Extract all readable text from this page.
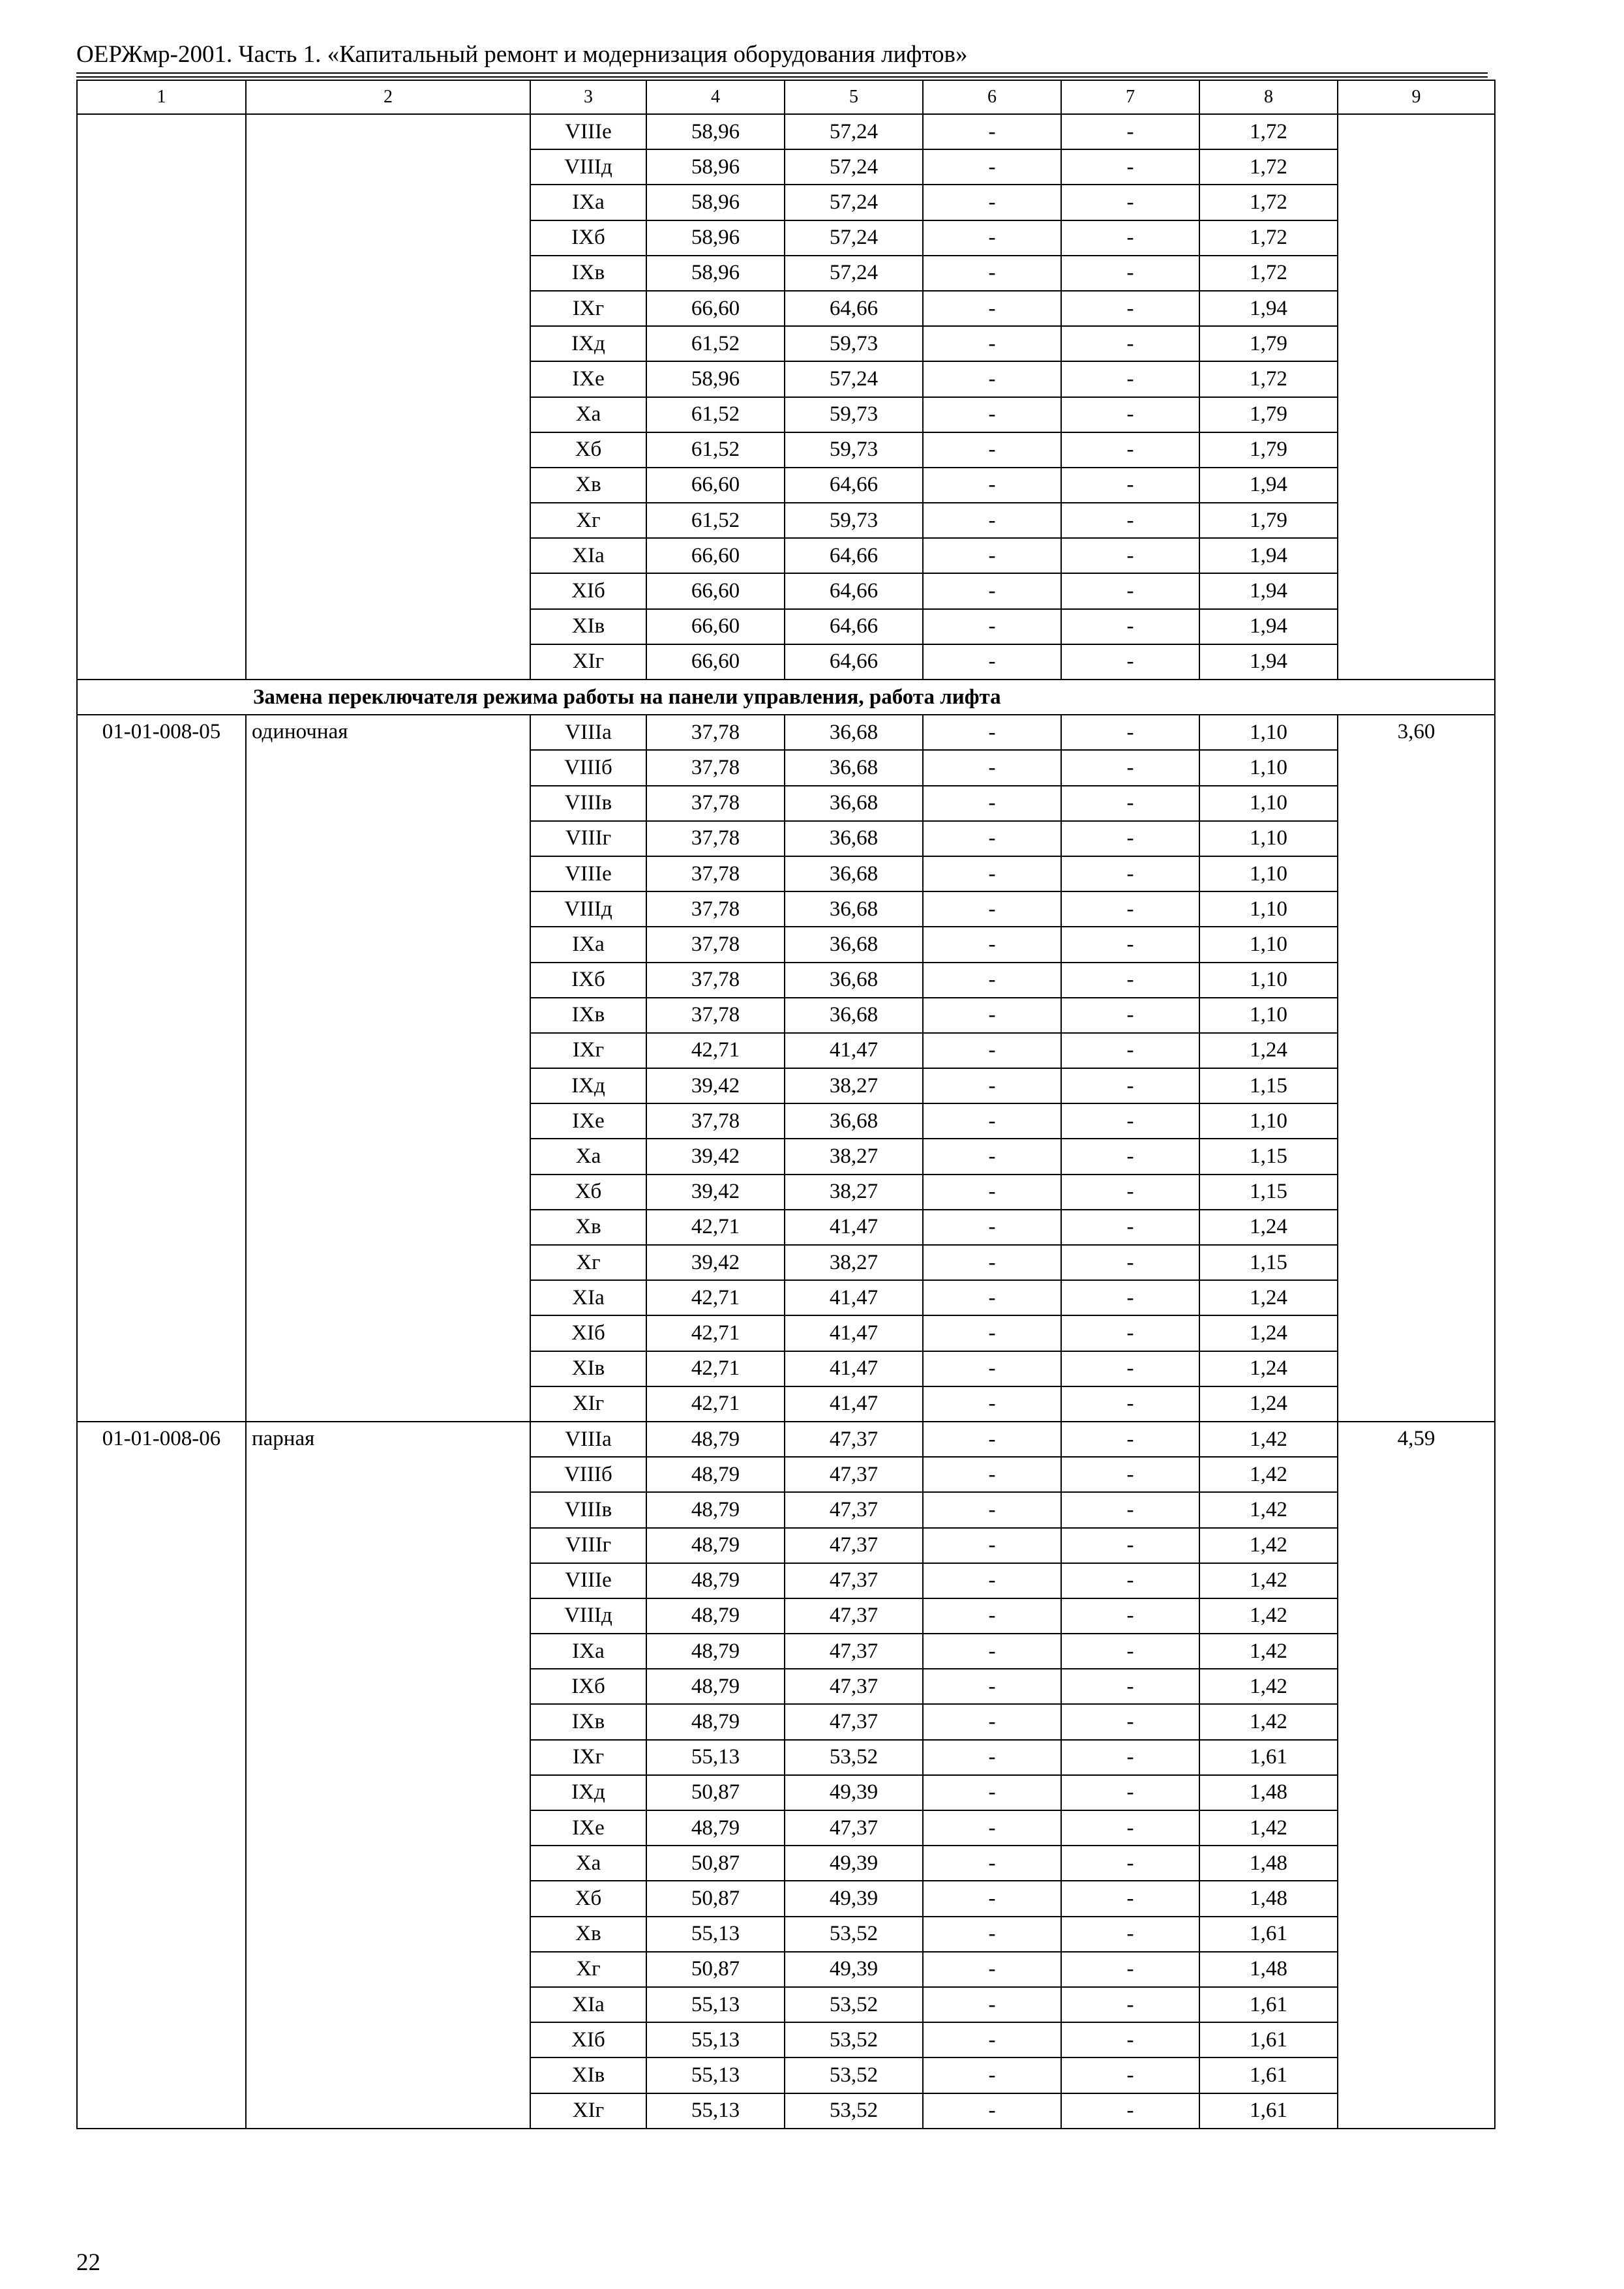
ОЕРЖмр-2001. Часть 1. «Капитальный ремонт и модернизация оборудования лифтов»
1	2	3	4	5	6	7	8	9
		VIIIе	58,96	57,24	-	-	1,72	
		VIIIд	58,96	57,24	-	-	1,72	
		IXа	58,96	57,24	-	-	1,72	
		IXб	58,96	57,24	-	-	1,72	
		IXв	58,96	57,24	-	-	1,72	
		IXг	66,60	64,66	-	-	1,94	
		IXд	61,52	59,73	-	-	1,79	
		IXе	58,96	57,24	-	-	1,72	
		Xа	61,52	59,73	-	-	1,79	
		Xб	61,52	59,73	-	-	1,79	
		Xв	66,60	64,66	-	-	1,94	
		Xг	61,52	59,73	-	-	1,79	
		XIа	66,60	64,66	-	-	1,94	
		XIб	66,60	64,66	-	-	1,94	
		XIв	66,60	64,66	-	-	1,94	
		XIг	66,60	64,66	-	-	1,94	
Замена переключателя режима работы на панели управления, работа лифта								
01-01-008-05	одиночная	VIIIа	37,78	36,68	-	-	1,10	3,60
		VIIIб	37,78	36,68	-	-	1,10	
		VIIIв	37,78	36,68	-	-	1,10	
		VIIIг	37,78	36,68	-	-	1,10	
		VIIIе	37,78	36,68	-	-	1,10	
		VIIIд	37,78	36,68	-	-	1,10	
		IXа	37,78	36,68	-	-	1,10	
		IXб	37,78	36,68	-	-	1,10	
		IXв	37,78	36,68	-	-	1,10	
		IXг	42,71	41,47	-	-	1,24	
		IXд	39,42	38,27	-	-	1,15	
		IXе	37,78	36,68	-	-	1,10	
		Xа	39,42	38,27	-	-	1,15	
		Xб	39,42	38,27	-	-	1,15	
		Xв	42,71	41,47	-	-	1,24	
		Xг	39,42	38,27	-	-	1,15	
		XIа	42,71	41,47	-	-	1,24	
		XIб	42,71	41,47	-	-	1,24	
		XIв	42,71	41,47	-	-	1,24	
		XIг	42,71	41,47	-	-	1,24	
01-01-008-06	парная	VIIIа	48,79	47,37	-	-	1,42	4,59
		VIIIб	48,79	47,37	-	-	1,42	
		VIIIв	48,79	47,37	-	-	1,42	
		VIIIг	48,79	47,37	-	-	1,42	
		VIIIе	48,79	47,37	-	-	1,42	
		VIIIд	48,79	47,37	-	-	1,42	
		IXа	48,79	47,37	-	-	1,42	
		IXб	48,79	47,37	-	-	1,42	
		IXв	48,79	47,37	-	-	1,42	
		IXг	55,13	53,52	-	-	1,61	
		IXд	50,87	49,39	-	-	1,48	
		IXе	48,79	47,37	-	-	1,42	
		Xа	50,87	49,39	-	-	1,48	
		Xб	50,87	49,39	-	-	1,48	
		Xв	55,13	53,52	-	-	1,61	
		Xг	50,87	49,39	-	-	1,48	
		XIа	55,13	53,52	-	-	1,61	
		XIб	55,13	53,52	-	-	1,61	
		XIв	55,13	53,52	-	-	1,61	
		XIг	55,13	53,52	-	-	1,61	
22
